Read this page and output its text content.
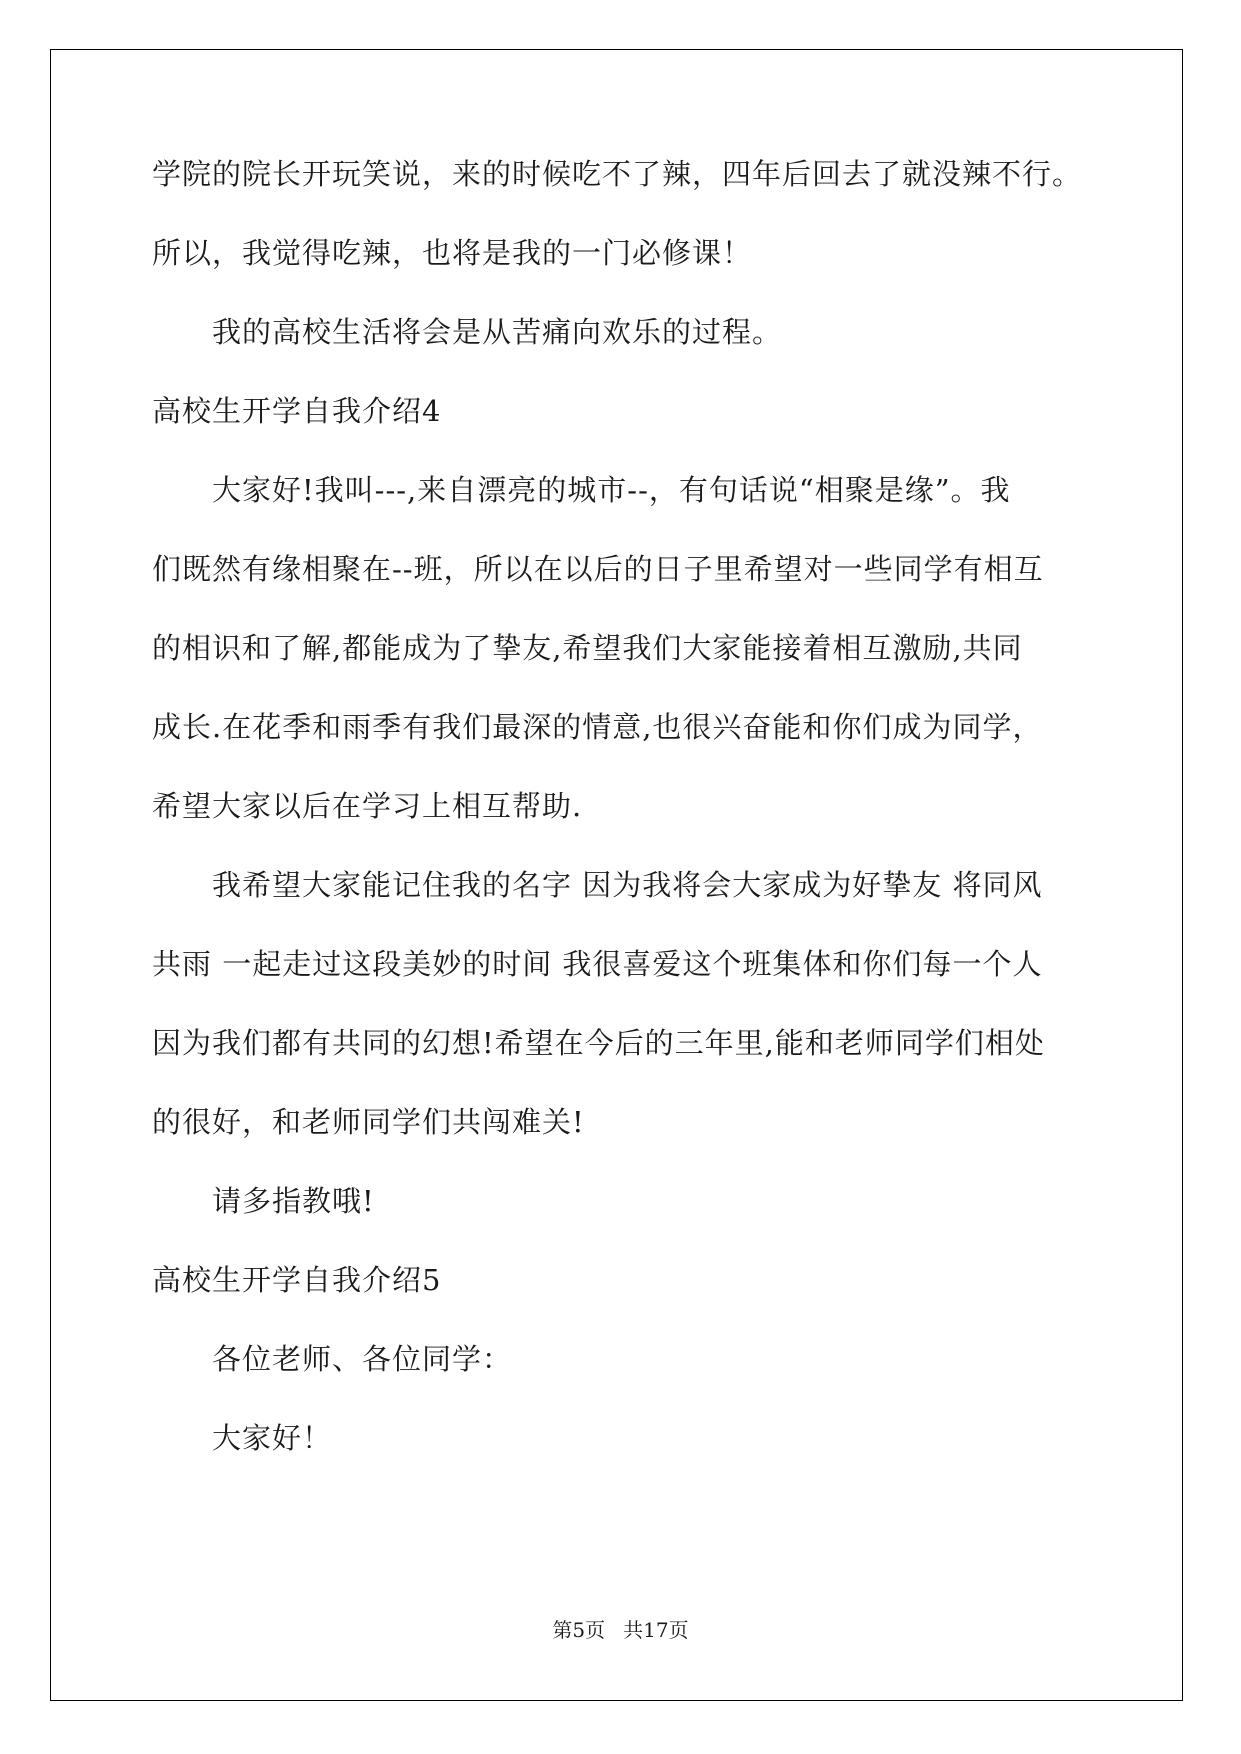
学院的院长开玩笑说，来的时候吃不了辣，四年后回去了就没辣不行。

所以，我觉得吃辣，也将是我的一门必修课！

我的高校生活将会是从苦痛向欢乐的过程。

高校生开学自我介绍4

大家好!我叫---,来自漂亮的城市--，有句话说“相聚是缘”。我

们既然有缘相聚在--班，所以在以后的日子里希望对一些同学有相互

的相识和了解,都能成为了挚友,希望我们大家能接着相互激励,共同

成长.在花季和雨季有我们最深的情意,也很兴奋能和你们成为同学，

希望大家以后在学习上相互帮助.

我希望大家能记住我的名字 因为我将会大家成为好挚友 将同风

共雨 一起走过这段美妙的时间 我很喜爱这个班集体和你们每一个人

因为我们都有共同的幻想!希望在今后的三年里,能和老师同学们相处

的很好，和老师同学们共闯难关!

请多指教哦!

高校生开学自我介绍5

各位老师、各位同学：

大家好！

第5页 共17页
